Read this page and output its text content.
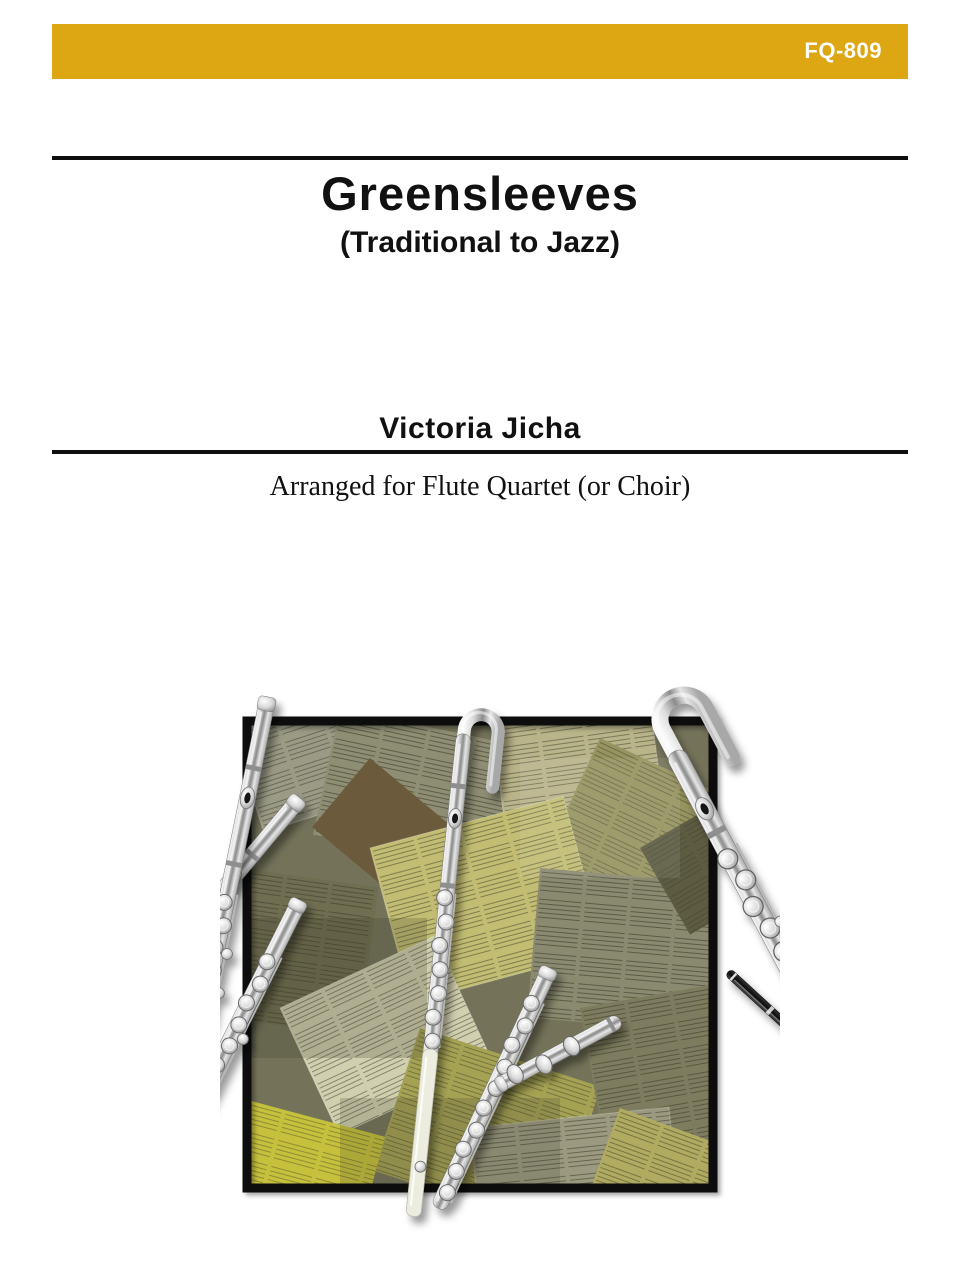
FQ-809
Greensleeves
(Traditional to Jazz)
Victoria Jicha
Arranged for Flute Quartet (or Choir)
